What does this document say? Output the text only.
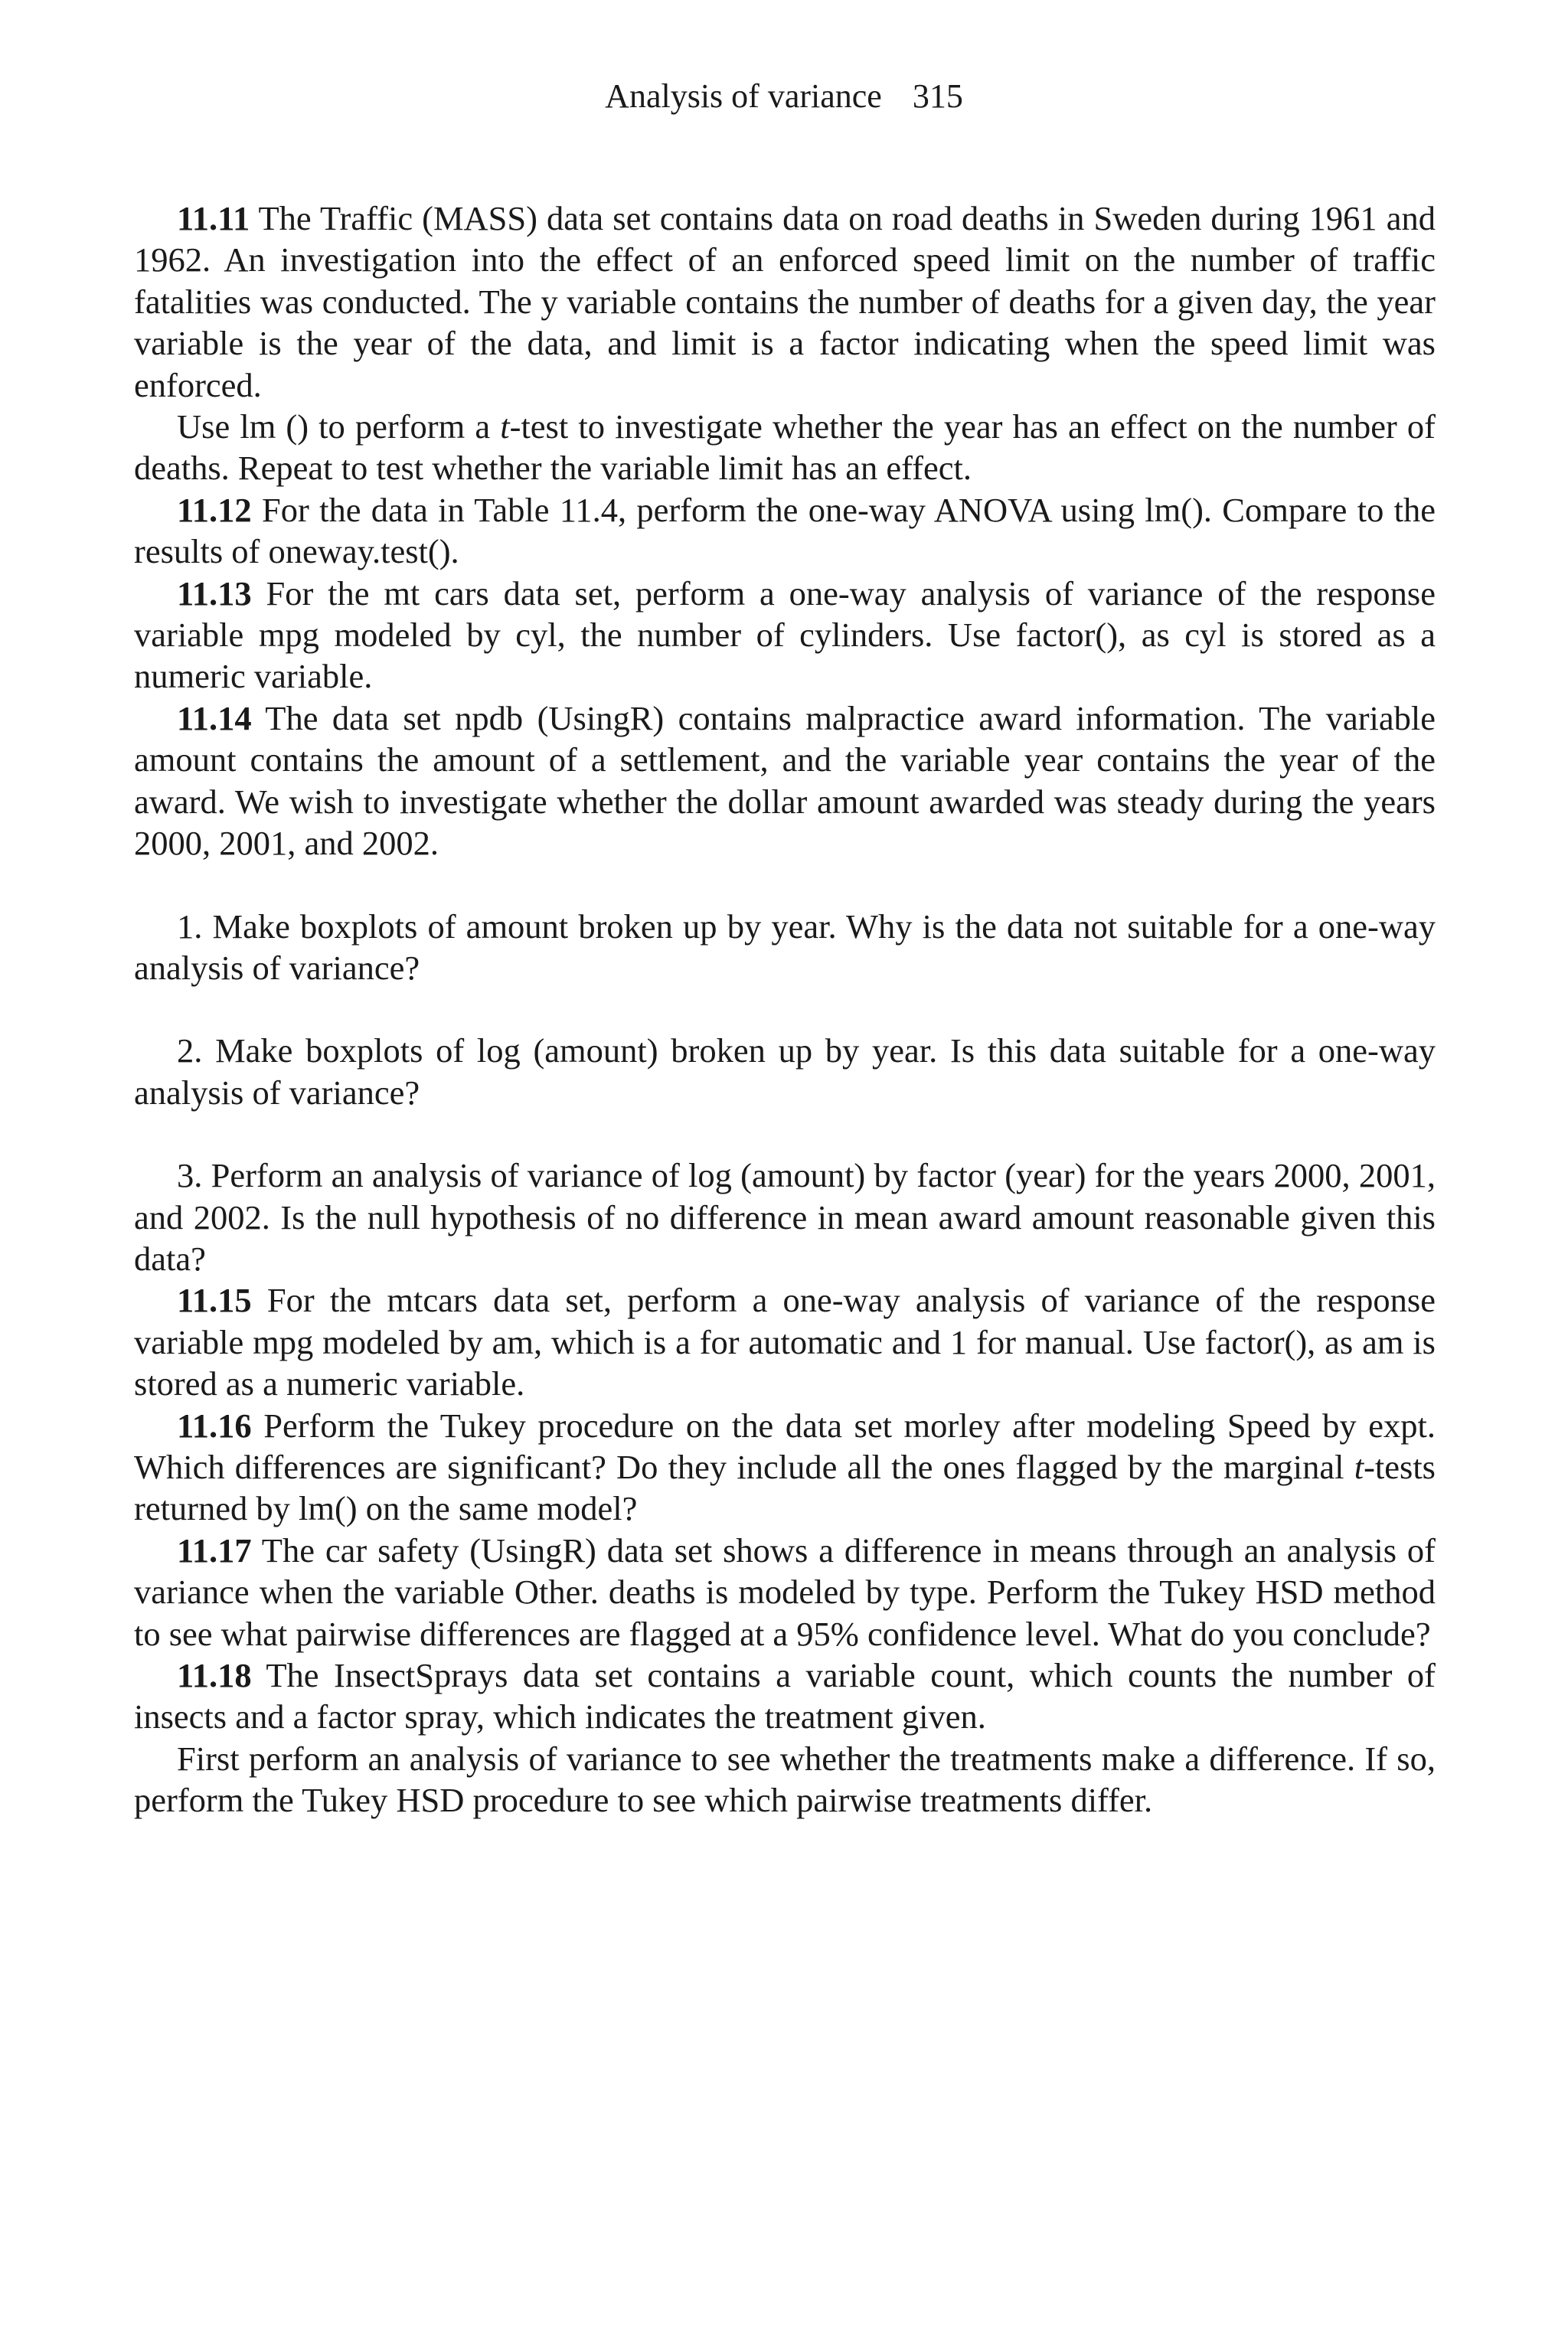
Analysis of variance 315

11.11 The Traffic (MASS) data set contains data on road deaths in Sweden during 1961 and 1962. An investigation into the effect of an enforced speed limit on the number of traffic fatalities was conducted. The y variable contains the number of deaths for a given day, the year variable is the year of the data, and limit is a factor indicating when the speed limit was enforced.

Use lm () to perform a t-test to investigate whether the year has an effect on the number of deaths. Repeat to test whether the variable limit has an effect.

11.12 For the data in Table 11.4, perform the one-way ANOVA using lm(). Compare to the results of oneway.test().

11.13 For the mt cars data set, perform a one-way analysis of variance of the response variable mpg modeled by cyl, the number of cylinders. Use factor(), as cyl is stored as a numeric variable.

11.14 The data set npdb (UsingR) contains malpractice award information. The variable amount contains the amount of a settlement, and the variable year contains the year of the award. We wish to investigate whether the dollar amount awarded was steady during the years 2000, 2001, and 2002.

1. Make boxplots of amount broken up by year. Why is the data not suitable for a one-way analysis of variance?

2. Make boxplots of log (amount) broken up by year. Is this data suitable for a one-way analysis of variance?

3. Perform an analysis of variance of log (amount) by factor (year) for the years 2000, 2001, and 2002. Is the null hypothesis of no difference in mean award amount reasonable given this data?

11.15 For the mtcars data set, perform a one-way analysis of variance of the response variable mpg modeled by am, which is a for automatic and 1 for manual. Use factor(), as am is stored as a numeric variable.

11.16 Perform the Tukey procedure on the data set morley after modeling Speed by expt. Which differences are significant? Do they include all the ones flagged by the marginal t-tests returned by lm() on the same model?

11.17 The car safety (UsingR) data set shows a difference in means through an analysis of variance when the variable Other. deaths is modeled by type. Perform the Tukey HSD method to see what pairwise differences are flagged at a 95% confidence level. What do you conclude?

11.18 The InsectSprays data set contains a variable count, which counts the number of insects and a factor spray, which indicates the treatment given.

First perform an analysis of variance to see whether the treatments make a difference. If so, perform the Tukey HSD procedure to see which pairwise treatments differ.
